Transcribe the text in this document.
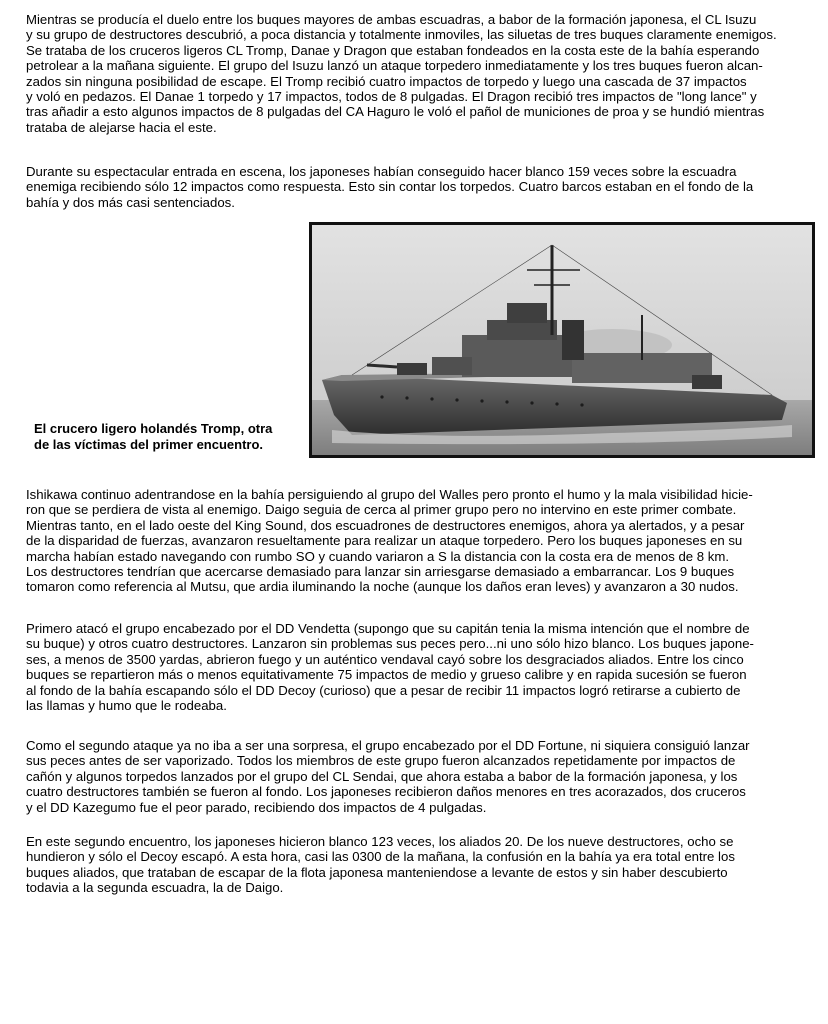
Mientras se producía el duelo entre los buques mayores de ambas escuadras, a babor de la formación japonesa, el CL Isuzu
y su grupo de destructores descubrió, a poca distancia y totalmente inmoviles, las siluetas de tres buques claramente enemigos.
Se trataba de los cruceros ligeros CL Tromp, Danae y Dragon que estaban fondeados en la costa este de la bahía esperando
petrolear a la mañana siguiente. El grupo del Isuzu lanzó un ataque torpedero inmediatamente y los tres buques fueron alcan-
zados sin ninguna posibilidad de escape. El Tromp recibió cuatro impactos de torpedo y luego una cascada de 37 impactos
y voló en pedazos. El Danae 1 torpedo y 17 impactos, todos de 8 pulgadas. El Dragon recibió tres impactos de "long lance" y
tras añadir a esto algunos impactos de 8 pulgadas del CA Haguro le voló el pañol de municiones de proa y se hundió mientras
trataba de alejarse hacia el este.
Durante su espectacular entrada en escena, los japoneses habían conseguido hacer blanco 159 veces sobre la escuadra
enemiga recibiendo sólo 12 impactos como respuesta. Esto sin contar los torpedos. Cuatro barcos estaban en el fondo de la
bahía y dos más casi sentenciados.
El crucero ligero holandés Tromp, otra
de las víctimas del primer encuentro.
Ishikawa continuo adentrandose en la bahía persiguiendo al grupo del Walles pero pronto el humo y la mala visibilidad hicie-
ron que se perdiera de vista al enemigo. Daigo seguia de cerca al primer grupo pero no intervino en este primer combate.
Mientras tanto, en el lado oeste del King Sound, dos escuadrones de destructores enemigos, ahora ya alertados, y a pesar
de la disparidad de fuerzas, avanzaron resueltamente para realizar un ataque torpedero. Pero los buques japoneses en su
marcha habían estado navegando con rumbo SO y cuando variaron a S la distancia con la costa era de menos de 8 km.
Los destructores tendrían que acercarse demasiado para lanzar sin arriesgarse demasiado a embarrancar. Los 9 buques
tomaron como referencia al Mutsu, que ardia iluminando la noche (aunque los daños eran leves) y avanzaron a 30 nudos.
Primero atacó el grupo encabezado por el DD Vendetta (supongo que su capitán tenia la misma intención que el nombre de
su buque) y otros cuatro destructores. Lanzaron sin problemas sus peces pero...ni uno sólo hizo blanco. Los buques japone-
ses, a menos de 3500 yardas, abrieron fuego y un auténtico vendaval cayó sobre los desgraciados aliados. Entre los cinco
buques se repartieron más o menos equitativamente 75 impactos de medio y grueso calibre y en rapida sucesión se fueron
al fondo de la bahía escapando sólo el DD Decoy (curioso) que a pesar de recibir 11 impactos logró retirarse a cubierto de
las llamas y humo que le rodeaba.
Como el segundo ataque ya no iba a ser una sorpresa, el grupo encabezado por el DD Fortune, ni siquiera consiguió lanzar
sus peces antes de ser vaporizado. Todos los miembros de este grupo fueron alcanzados repetidamente por impactos de
cañón y algunos torpedos lanzados por el grupo del CL Sendai, que ahora estaba a babor de la formación japonesa, y los
cuatro destructores también se fueron al fondo. Los japoneses recibieron daños menores en tres acorazados, dos cruceros
y el DD Kazegumo fue el peor parado, recibiendo dos impactos de 4 pulgadas.
En este segundo encuentro, los japoneses hicieron blanco 123 veces, los aliados 20. De los nueve destructores, ocho se
hundieron y sólo el Decoy escapó. A esta hora, casi las 0300 de la mañana, la confusión en la bahía ya era total entre los
buques aliados, que trataban de escapar de la flota japonesa manteniendose a levante de estos y sin haber descubierto
todavia a la segunda escuadra, la de Daigo.
